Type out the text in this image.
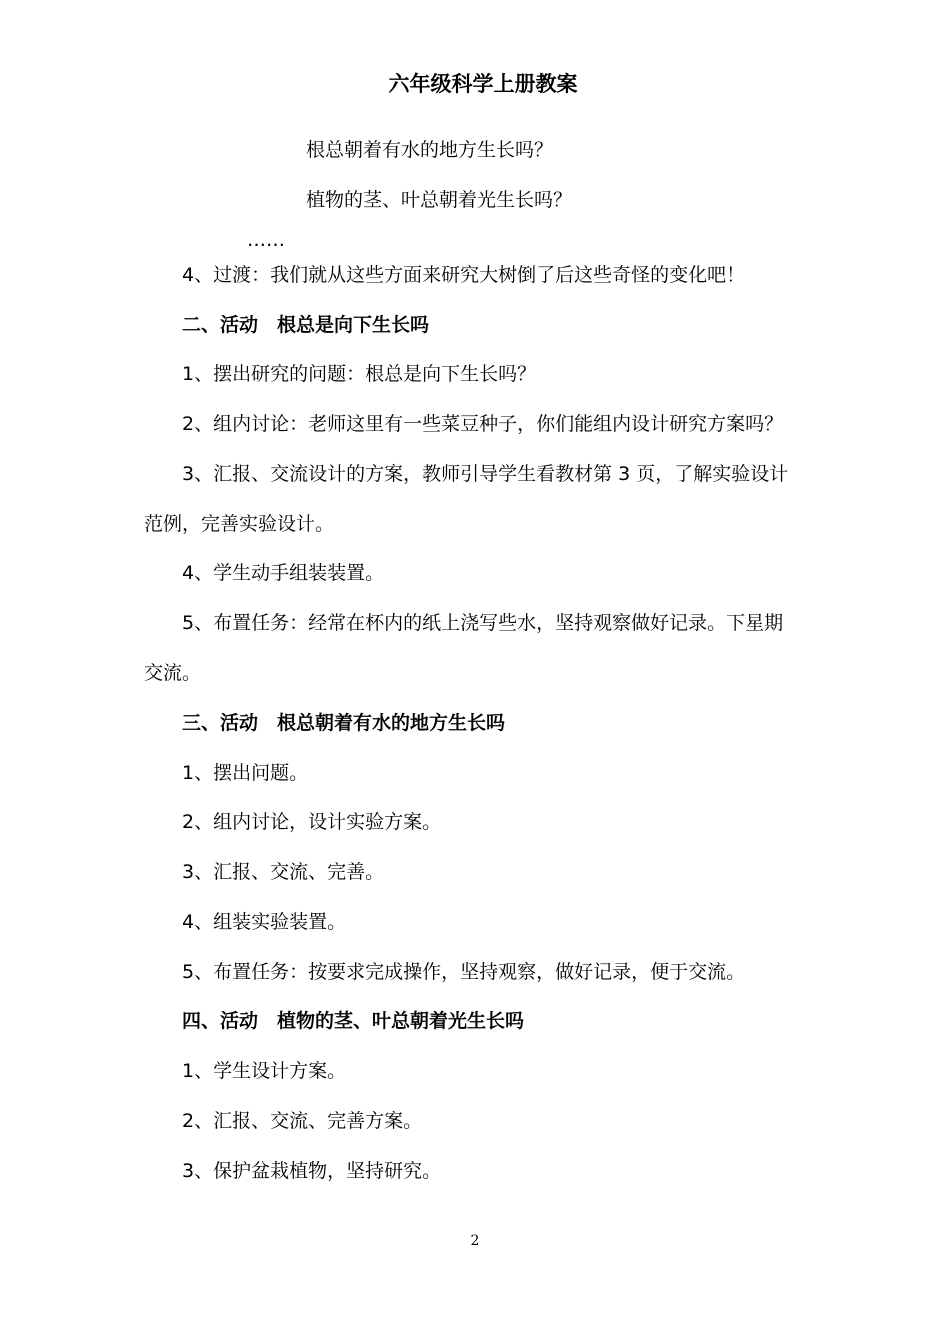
六年级科学上册教案
根总朝着有水的地方生长吗？
植物的茎、叶总朝着光生长吗？
……
4、过渡：我们就从这些方面来研究大树倒了后这些奇怪的变化吧！
二、活动　根总是向下生长吗
1、摆出研究的问题：根总是向下生长吗？
2、组内讨论：老师这里有一些菜豆种子，你们能组内设计研究方案吗？
3、汇报、交流设计的方案，教师引导学生看教材第 3 页，了解实验设计
范例，完善实验设计。
4、学生动手组装装置。
5、布置任务：经常在杯内的纸上浇写些水，坚持观察做好记录。下星期
交流。
三、活动　根总朝着有水的地方生长吗
1、摆出问题。
2、组内讨论，设计实验方案。
3、汇报、交流、完善。
4、组装实验装置。
5、布置任务：按要求完成操作，坚持观察，做好记录，便于交流。
四、活动　植物的茎、叶总朝着光生长吗
1、学生设计方案。
2、汇报、交流、完善方案。
3、保护盆栽植物，坚持研究。
2
